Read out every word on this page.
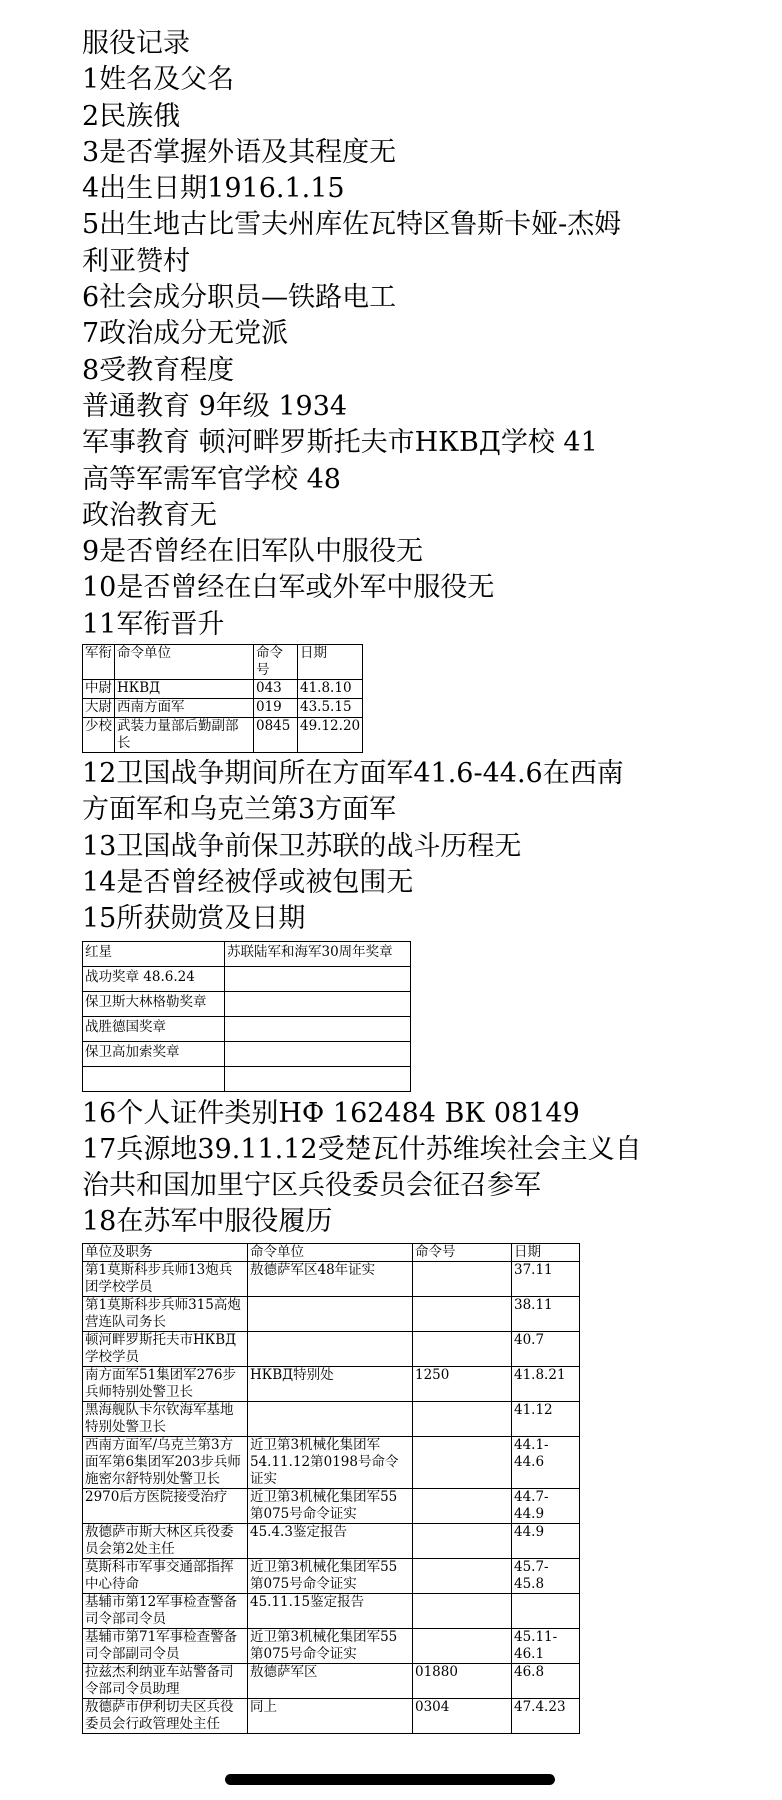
服役记录
1姓名及父名
2民族俄
3是否掌握外语及其程度无
4出生日期1916.1.15
5出生地古比雪夫州库佐瓦特区鲁斯卡娅-杰姆利亚赞村
6社会成分职员—铁路电工
7政治成分无党派
8受教育程度
普通教育 9年级 1934
军事教育 顿河畔罗斯托夫市НКВД学校 41
高等军需军官学校 48
政治教育无
9是否曾经在旧军队中服役无
10是否曾经在白军或外军中服役无
11军衔晋升
军衔	命令单位	命令号	日期
中尉	НКВД	043	41.8.10
大尉	西南方面军	019	43.5.15
少校	武装力量部后勤副部长	0845	49.12.20
12卫国战争期间所在方面军41.6-44.6在西南方面军和乌克兰第3方面军
13卫国战争前保卫苏联的战斗历程无
14是否曾经被俘或被包围无
15所获勋赏及日期
红星	苏联陆军和海军30周年奖章
战功奖章 48.6.24	
保卫斯大林格勒奖章	
战胜德国奖章	
保卫高加索奖章	

16个人证件类别НФ 162484 ВК 08149
17兵源地39.11.12受楚瓦什苏维埃社会主义自治共和国加里宁区兵役委员会征召参军
18在苏军中服役履历
单位及职务	命令单位	命令号	日期
第1莫斯科步兵师13炮兵团学校学员	敖德萨军区48年证实		37.11
第1莫斯科步兵师315高炮营连队司务长			38.11
顿河畔罗斯托夫市НКВД学校学员			40.7
南方面军51集团军276步兵师特别处警卫长	НКВД特别处	1250	41.8.21
黑海舰队卡尔钦海军基地特别处警卫长			41.12
西南方面军/乌克兰第3方面军第6集团军203步兵师施密尔舒特别处警卫长	近卫第3机械化集团军54.11.12第0198号命令证实		44.1-44.6
2970后方医院接受治疗	近卫第3机械化集团军55第075号命令证实		44.7-44.9
敖德萨市斯大林区兵役委员会第2处主任	45.4.3鉴定报告		44.9
莫斯科市军事交通部指挥中心待命	近卫第3机械化集团军55第075号命令证实		45.7-45.8
基辅市第12军事检查警备司令部司令员	45.11.15鉴定报告		
基辅市第71军事检查警备司令部副司令员	近卫第3机械化集团军55第075号命令证实		45.11-46.1
拉兹杰利纳亚车站警备司令部司令员助理	敖德萨军区	01880	46.8
敖德萨市伊利切夫区兵役委员会行政管理处主任	同上	0304	47.4.23
